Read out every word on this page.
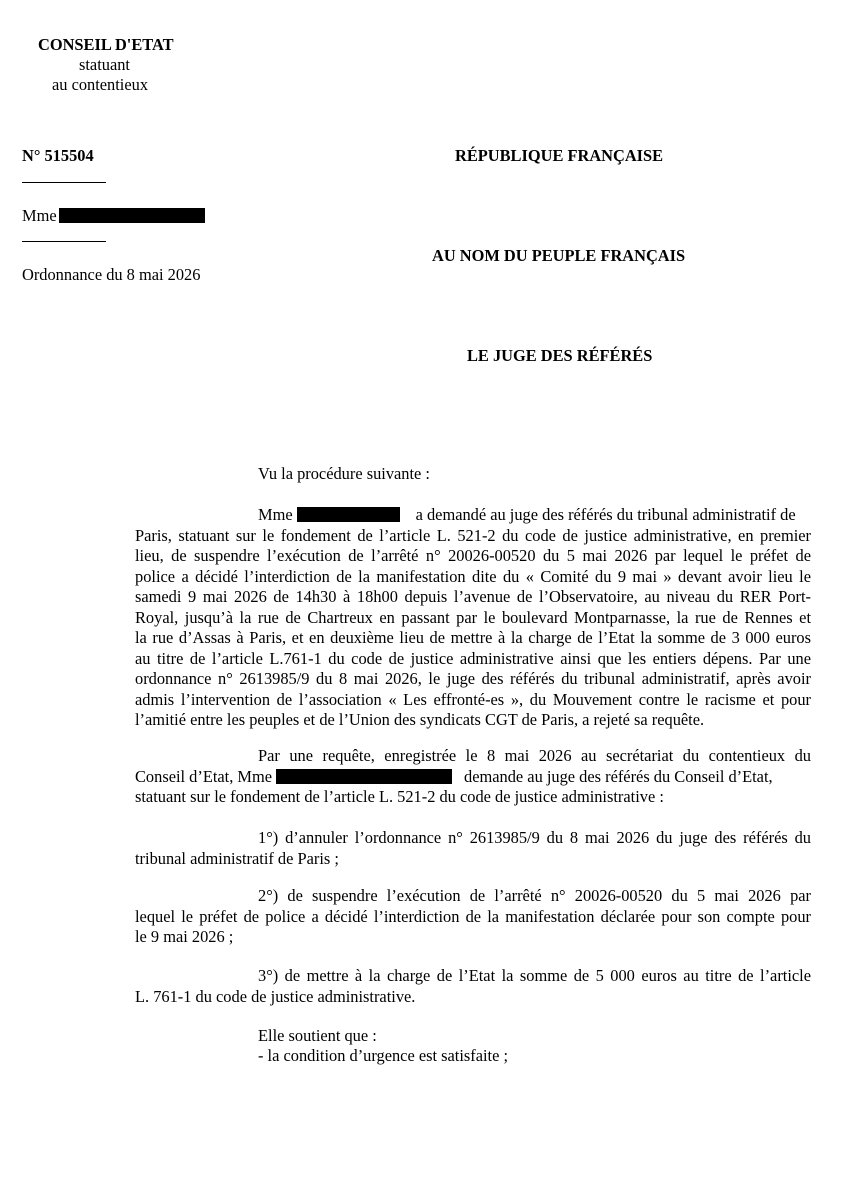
CONSEIL D'ETAT
statuant
au contentieux
N° 515504
Mme
Ordonnance du 8 mai 2026
RÉPUBLIQUE FRANÇAISE
AU NOM DU PEUPLE FRANÇAIS
LE JUGE DES RÉFÉRÉS
Vu la procédure suivante :
Mme	a demandé au juge des référés du tribunal administratif de
Paris, statuant sur le fondement de l’article L. 521-2 du code de justice administrative, en premier
lieu, de suspendre l’exécution de l’arrêté n° 20026-00520 du 5 mai 2026 par lequel le préfet de
police a décidé l’interdiction de la manifestation dite du « Comité du 9 mai » devant avoir lieu le
samedi 9 mai 2026 de 14h30 à 18h00 depuis l’avenue de l’Observatoire, au niveau du RER Port-
Royal, jusqu’à la rue de Chartreux en passant par le boulevard Montparnasse, la rue de Rennes et
la rue d’Assas à Paris, et en deuxième lieu de mettre à la charge de l’Etat la somme de 3 000 euros
au titre de l’article L.761-1 du code de justice administrative ainsi que les entiers dépens. Par une
ordonnance n° 2613985/9 du 8 mai 2026, le juge des référés du tribunal administratif, après avoir
admis l’intervention de l’association « Les effronté-es », du Mouvement contre le racisme et pour
l’amitié entre les peuples et de l’Union des syndicats CGT de Paris, a rejeté sa requête.
Par une requête, enregistrée le 8 mai 2026 au secrétariat du contentieux du
Conseil d’Etat, Mme	demande au juge des référés du Conseil d’Etat,
statuant sur le fondement de l’article L. 521-2 du code de justice administrative :
1°) d’annuler l’ordonnance n° 2613985/9 du 8 mai 2026 du juge des référés du
tribunal administratif de Paris ;
2°) de suspendre l’exécution de l’arrêté n° 20026-00520 du 5 mai 2026 par
lequel le préfet de police a décidé l’interdiction de la manifestation déclarée pour son compte pour
le 9 mai 2026 ;
3°) de mettre à la charge de l’Etat la somme de 5 000 euros au titre de l’article
L. 761-1 du code de justice administrative.
Elle soutient que :
- la condition d’urgence est satisfaite ;
